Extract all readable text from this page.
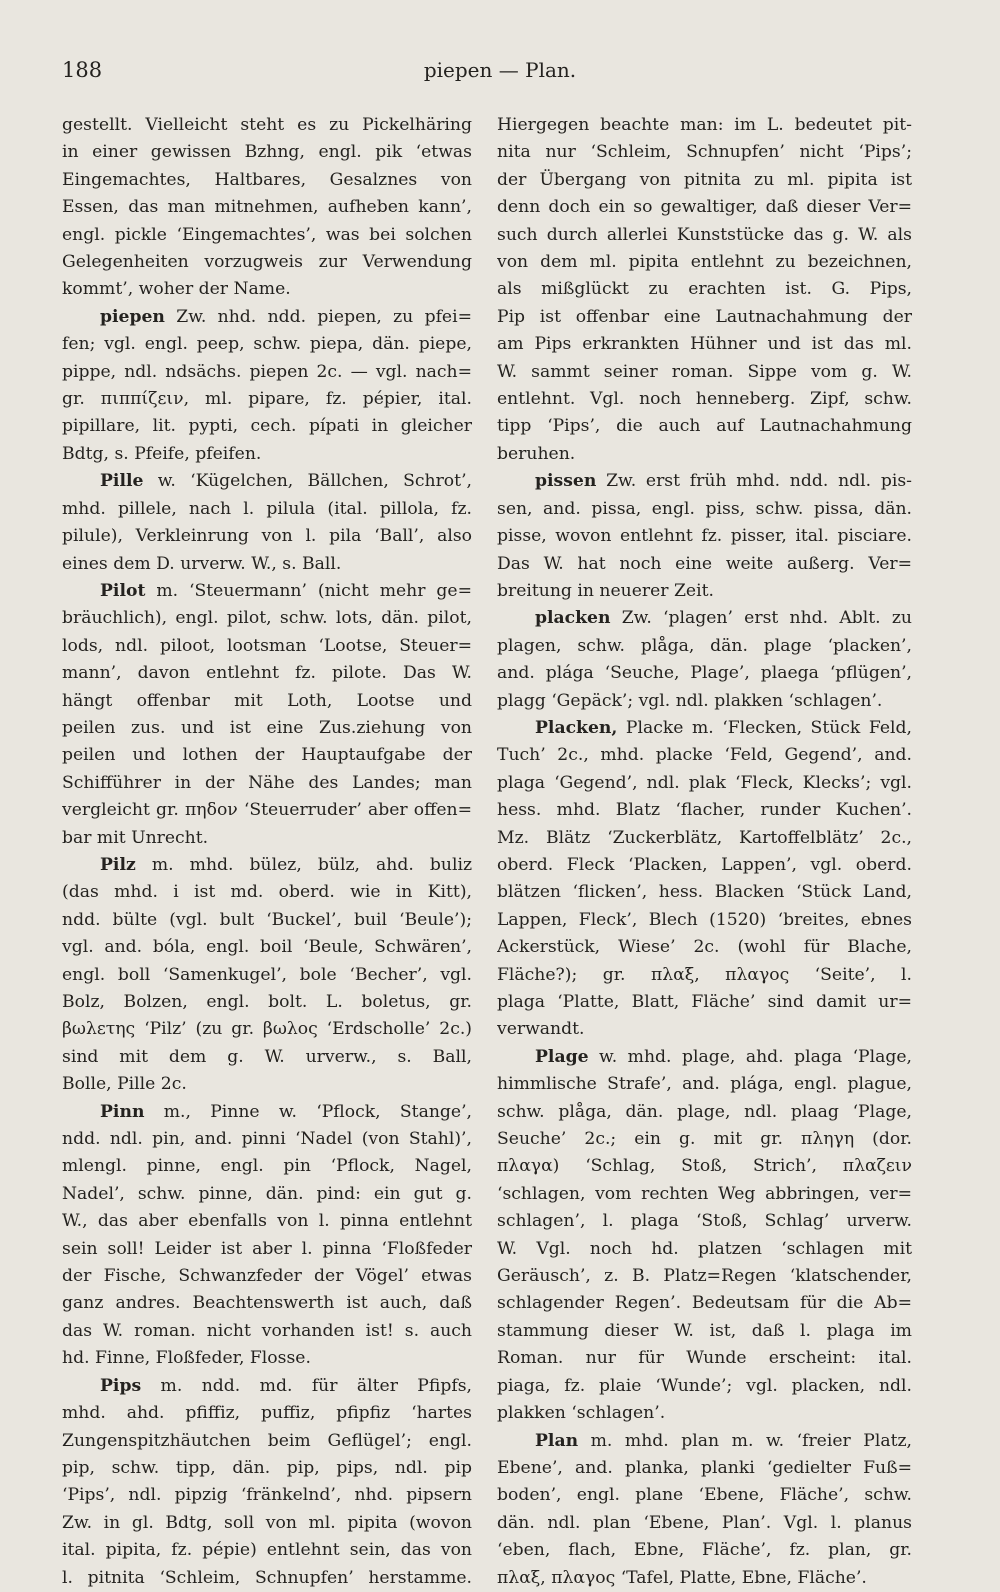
188	piepen — Plan.
gestellt. Vielleicht steht es zu Pickelhäring
in einer gewissen Bzhng, engl. pik ‘etwas
Eingemachtes, Haltbares, Gesalznes von
Essen, das man mitnehmen, aufheben kann’,
engl. pickle ‘Eingemachtes’, was bei solchen
Gelegenheiten vorzugweis zur Verwendung
kommt’, woher der Name.
piepen Zw. nhd. ndd. piepen, zu pfei=
fen; vgl. engl. peep, schw. piepa, dän. piepe,
pippe, ndl. ndsächs. piepen 2c. — vgl. nach=
gr. πιππίζειν, ml. pipare, fz. pépier, ital.
pipillare, lit. pypti, cech. pípati in gleicher
Bdtg, s. Pfeife, pfeifen.
Pille w. ‘Kügelchen, Bällchen, Schrot’,
mhd. pillele, nach l. pilula (ital. pillola, fz.
pilule), Verkleinrung von l. pila ‘Ball’, also
eines dem D. urverw. W., s. Ball.
Pilot m. ‘Steuermann’ (nicht mehr ge=
bräuchlich), engl. pilot, schw. lots, dän. pilot,
lods, ndl. piloot, lootsman ‘Lootse, Steuer=
mann’, davon entlehnt fz. pilote. Das W.
hängt offenbar mit Loth, Lootse und
peilen zus. und ist eine Zus.ziehung von
peilen und lothen der Hauptaufgabe der
Schifführer in der Nähe des Landes; man
vergleicht gr. πηδον ‘Steuerruder’ aber offen=
bar mit Unrecht.
Pilz m. mhd. bülez, bülz, ahd. buliz
(das mhd. i ist md. oberd. wie in Kitt),
ndd. bülte (vgl. bult ‘Buckel’, buil ‘Beule’);
vgl. and. bóla, engl. boil ‘Beule, Schwären’,
engl. boll ‘Samenkugel’, bole ‘Becher’, vgl.
Bolz, Bolzen, engl. bolt. L. boletus, gr.
βωλετης ‘Pilz’ (zu gr. βωλος ‘Erdscholle’ 2c.)
sind mit dem g. W. urverw., s. Ball,
Bolle, Pille 2c.
Pinn m., Pinne w. ‘Pflock, Stange’,
ndd. ndl. pin, and. pinni ‘Nadel (von Stahl)’,
mlengl. pinne, engl. pin ‘Pflock, Nagel,
Nadel’, schw. pinne, dän. pind: ein gut g.
W., das aber ebenfalls von l. pinna entlehnt
sein soll! Leider ist aber l. pinna ‘Floßfeder
der Fische, Schwanzfeder der Vögel’ etwas
ganz andres. Beachtenswerth ist auch, daß
das W. roman. nicht vorhanden ist! s. auch
hd. Finne, Floßfeder, Flosse.
Pips m. ndd. md. für älter Pfipfs,
mhd. ahd. pfiffiz, puffiz, pfipfiz ‘hartes
Zungenspitzhäutchen beim Geflügel’; engl.
pip, schw. tipp, dän. pip, pips, ndl. pip
‘Pips’, ndl. pipzig ‘fränkelnd’, nhd. pipsern
Zw. in gl. Bdtg, soll von ml. pipita (wovon
ital. pipita, fz. pépie) entlehnt sein, das von
l. pitnita ‘Schleim, Schnupfen’ herstamme.
Hiergegen beachte man: im L. bedeutet pit-
nita nur ‘Schleim, Schnupfen’ nicht ‘Pips’;
der Übergang von pitnita zu ml. pipita ist
denn doch ein so gewaltiger, daß dieser Ver=
such durch allerlei Kunststücke das g. W. als
von dem ml. pipita entlehnt zu bezeichnen,
als mißglückt zu erachten ist. G. Pips,
Pip ist offenbar eine Lautnachahmung der
am Pips erkrankten Hühner und ist das ml.
W. sammt seiner roman. Sippe vom g. W.
entlehnt. Vgl. noch henneberg. Zipf, schw.
tipp ‘Pips’, die auch auf Lautnachahmung
beruhen.
pissen Zw. erst früh mhd. ndd. ndl. pis-
sen, and. pissa, engl. piss, schw. pissa, dän.
pisse, wovon entlehnt fz. pisser, ital. pisciare.
Das W. hat noch eine weite außerg. Ver=
breitung in neuerer Zeit.
placken Zw. ‘plagen’ erst nhd. Ablt. zu
plagen, schw. plåga, dän. plage ‘placken’,
and. plága ‘Seuche, Plage’, plaega ‘pflügen’,
plagg ‘Gepäck’; vgl. ndl. plakken ‘schlagen’.
Placken, Placke m. ‘Flecken, Stück Feld,
Tuch’ 2c., mhd. placke ‘Feld, Gegend’, and.
plaga ‘Gegend’, ndl. plak ‘Fleck, Klecks’; vgl.
hess. mhd. Blatz ‘flacher, runder Kuchen’.
Mz. Blätz ‘Zuckerblätz, Kartoffelblätz’ 2c.,
oberd. Fleck ‘Placken, Lappen’, vgl. oberd.
blätzen ‘flicken’, hess. Blacken ‘Stück Land,
Lappen, Fleck’, Blech (1520) ‘breites, ebnes
Ackerstück, Wiese’ 2c. (wohl für Blache,
Fläche?); gr. πλαξ, πλαγος ‘Seite’, l.
plaga ‘Platte, Blatt, Fläche’ sind damit ur=
verwandt.
Plage w. mhd. plage, ahd. plaga ‘Plage,
himmlische Strafe’, and. plága, engl. plague,
schw. plåga, dän. plage, ndl. plaag ‘Plage,
Seuche’ 2c.; ein g. mit gr. πληγη (dor.
πλαγα) ‘Schlag, Stoß, Strich’, πλαζειν
‘schlagen, vom rechten Weg abbringen, ver=
schlagen’, l. plaga ‘Stoß, Schlag’ urverw.
W. Vgl. noch hd. platzen ‘schlagen mit
Geräusch’, z. B. Platz=Regen ‘klatschender,
schlagender Regen’. Bedeutsam für die Ab=
stammung dieser W. ist, daß l. plaga im
Roman. nur für Wunde erscheint: ital.
piaga, fz. plaie ‘Wunde’; vgl. placken, ndl.
plakken ‘schlagen’.
Plan m. mhd. plan m. w. ‘freier Platz,
Ebene’, and. planka, planki ‘gedielter Fuß=
boden’, engl. plane ‘Ebene, Fläche’, schw.
dän. ndl. plan ‘Ebene, Plan’. Vgl. l. planus
‘eben, flach, Ebne, Fläche’, fz. plan, gr.
πλαξ, πλαγος ‘Tafel, Platte, Ebne, Fläche’.
